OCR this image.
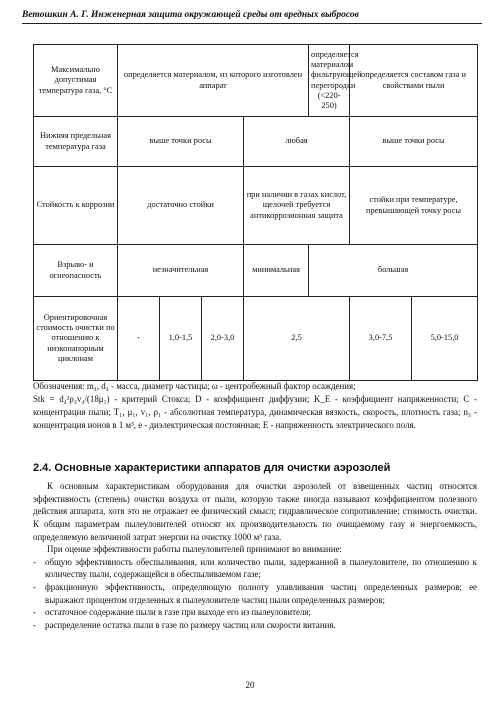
Ветошкин А. Г. Инженерная защита окружающей среды от вредных выбросов
Максимально допустимая температура газа, °С	определяется материалом, из которого изготовлен аппарат				определяется материалом фильтрующей перегородки (<220-250)	определяется составом газа и свойствами пыли	
Нижняя предельная температура газа	выше точки росы			любая		выше точки росы	
Стойкость к коррозии	достаточно стойки			при наличии в газах кислот, щелочей требуется антикоррозионная защита		стойки при температуре, превышающей точку росы	
Взрыво- и огнеопасность	незначительная			минимальная	большая		
Ориентировочная стоимость очистки по отношению к низконапорным циклонам	-	1,0-1,5	2,0-3,0	2,5		3,0-7,5	5,0-15,0

Обозначения: m₄, d₄ - масса, диаметр частицы; ω - центробежный фактор осаждения;

Stk = d₄²ρ₄v₄/(18μ₁) - критерий Стокса; D - коэффициент диффузии; K_E - коэффициент напряженности; C - концентрация пыли; T₁, μ₁, v₁, ρ₁ - абсолютная температура, динамическая вязкость, скорость, плотность газа; n₃ - концентрация ионов в 1 м³, e - диэлектрическая постоянная; E - напряженность электрического поля.

2.4. Основные характеристики аппаратов для очистки аэрозолей

К основным характеристикам оборудования для очистки аэрозолей от взвешенных частиц относятся эффективность (степень) очистки воздуха от пыли, которую также иногда называют коэффициентом полезного действия аппарата, хотя это не отражает ее физический смысл; гидравлическое сопротивление; стоимость очистки. К общим параметрам пылеуловителей относят их производительность по очищаемому газу и энергоемкость, определяемую величиной затрат энергии на очистку 1000 м³ газа.

При оценке эффективности работы пылеуловителей принимают во внимание:

- общую эффективность обеспыливания, или количество пыли, задержанной в пылеуловителе, по отношению к количеству пыли, содержащейся в обеспыливаемом газе;
- фракционную эффективность, определяющую полноту улавливания частиц определенных размеров; ее выражают процентом отделенных в пылеуловителе частиц пыли определенных размеров;
- остаточное содержание пыли в газе при выходе его из пылеуловителя;
- распределение остатка пыли в газе по размеру частиц или скорости витания.
20
